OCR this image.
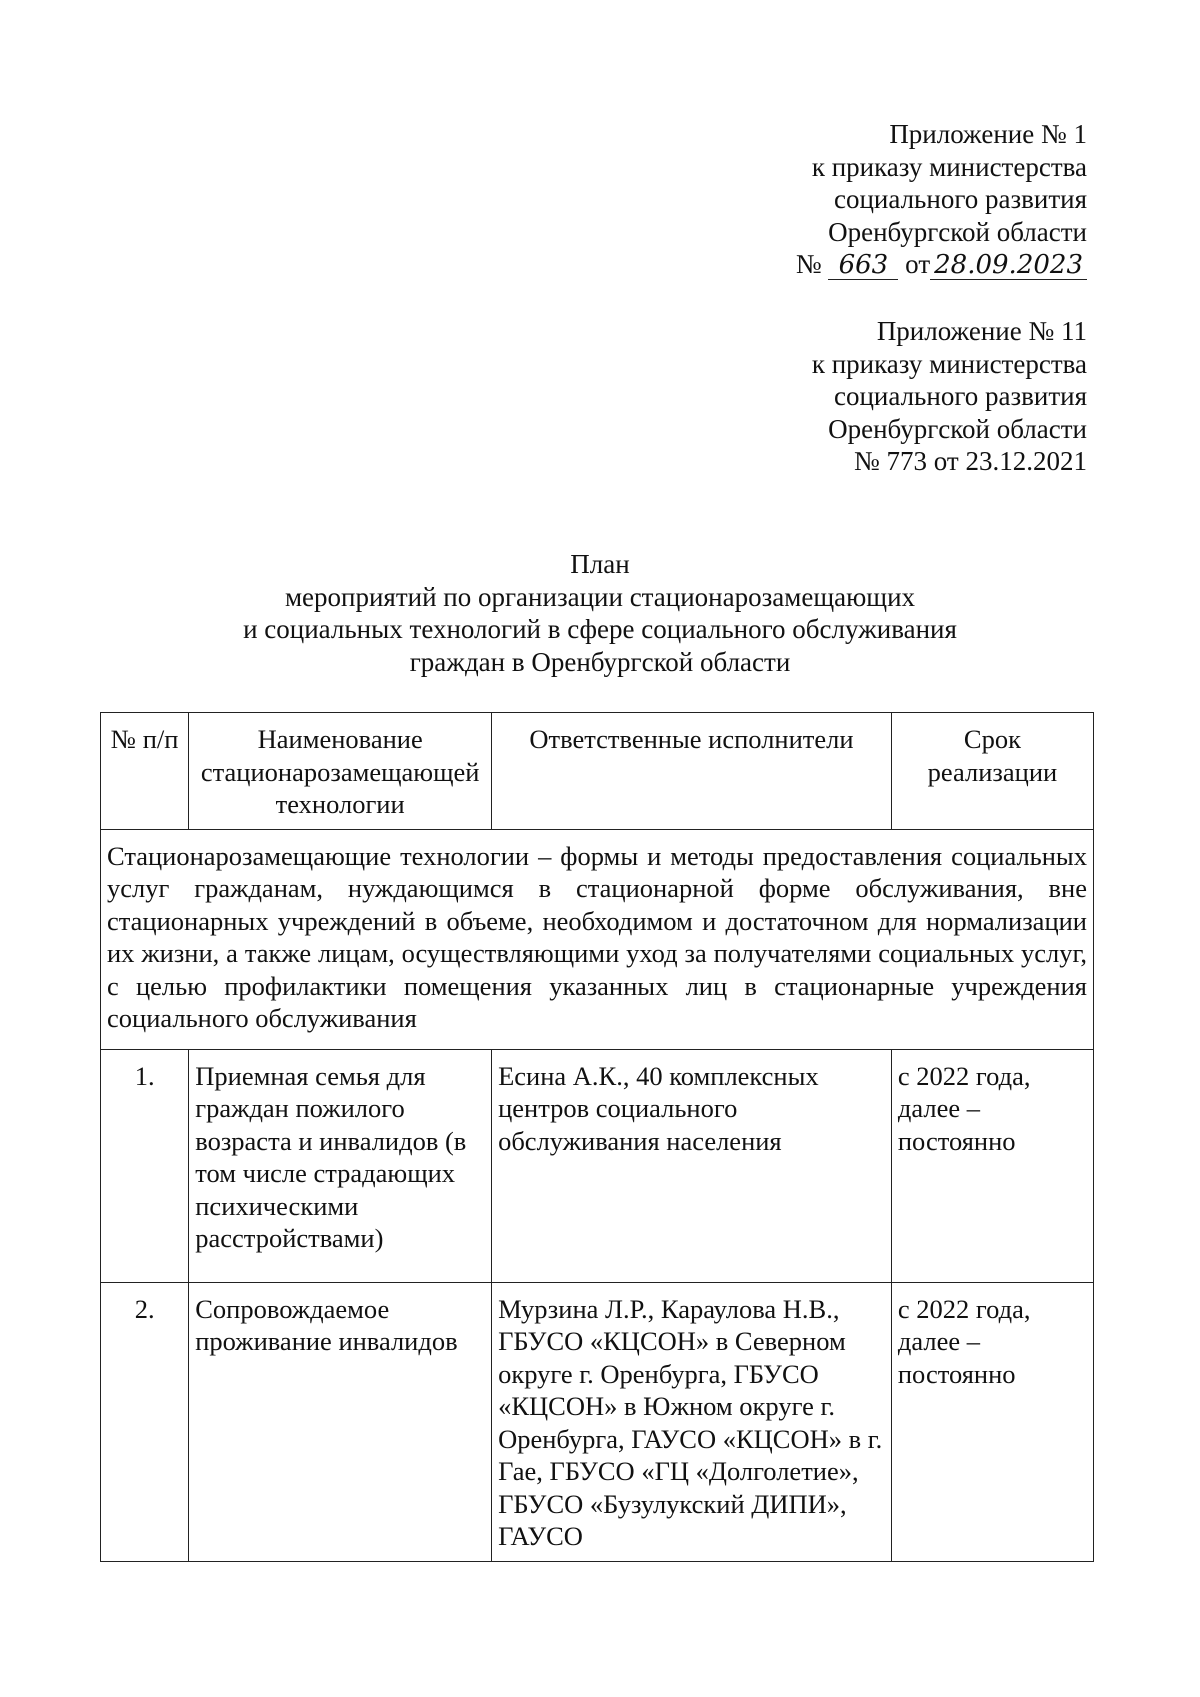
Приложение № 1
к приказу министерства
социального развития
Оренбургской области
№ 663 от 28.09.2023
Приложение № 11
к приказу министерства
социального развития
Оренбургской области
№ 773 от 23.12.2021
План
мероприятий по организации стационарозамещающих
и социальных технологий в сфере социального обслуживания
граждан в Оренбургской области
№ п/п	Наименование стационарозамещающей технологии	Ответственные исполнители	Срок реализации
Стационарозамещающие технологии – формы и методы предоставления социальных услуг гражданам, нуждающимся в стационарной форме обслуживания, вне стационарных учреждений в объеме, необходимом и достаточном для нормализации их жизни, а также лицам, осуществляющими уход за получателями социальных услуг, с целью профилактики помещения указанных лиц в стационарные учреждения социального обслуживания			
1.	Приемная семья для граждан пожилого возраста и инвалидов (в том числе страдающих психическими расстройствами)	Есина А.К., 40 комплексных центров социального обслуживания населения	с 2022 года, далее – постоянно
2.	Сопровождаемое проживание инвалидов	Мурзина Л.Р., Караулова Н.В., ГБУСО «КЦСОН» в Северном округе г. Оренбурга, ГБУСО «КЦСОН» в Южном округе г. Оренбурга, ГАУСО «КЦСОН» в г. Гае, ГБУСО «ГЦ «Долголетие», ГБУСО «Бузулукский ДИПИ», ГАУСО	с 2022 года, далее – постоянно
